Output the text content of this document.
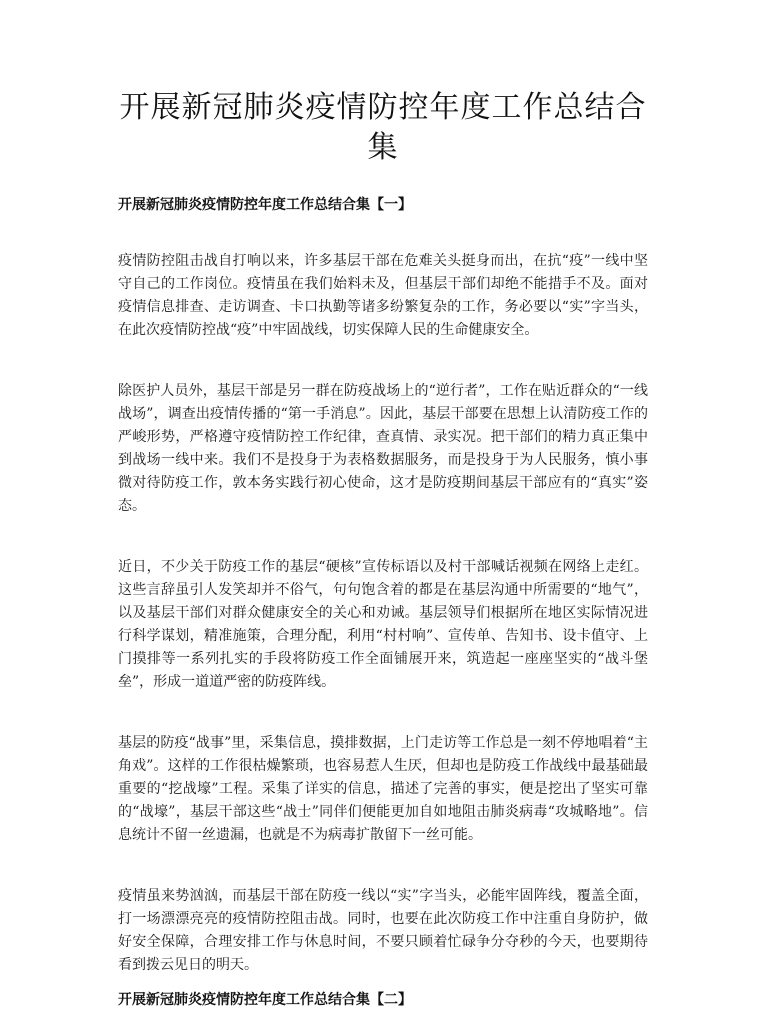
开展新冠肺炎疫情防控年度工作总结合集
开展新冠肺炎疫情防控年度工作总结合集【一】

疫情防控阻击战自打响以来，许多基层干部在危难关头挺身而出，在抗“疫”一线中坚守自己的工作岗位。疫情虽在我们始料未及，但基层干部们却绝不能措手不及。面对疫情信息排查、走访调查、卡口执勤等诸多纷繁复杂的工作，务必要以“实”字当头，在此次疫情防控战“疫”中牢固战线，切实保障人民的生命健康安全。

除医护人员外，基层干部是另一群在防疫战场上的“逆行者”，工作在贴近群众的“一线战场”，调查出疫情传播的“第一手消息”。因此，基层干部要在思想上认清防疫工作的严峻形势，严格遵守疫情防控工作纪律，查真情、录实况。把干部们的精力真正集中到战场一线中来。我们不是投身于为表格数据服务，而是投身于为人民服务，慎小事微对待防疫工作，敦本务实践行初心使命，这才是防疫期间基层干部应有的“真实”姿态。

近日，不少关于防疫工作的基层“硬核”宣传标语以及村干部喊话视频在网络上走红。这些言辞虽引人发笑却并不俗气，句句饱含着的都是在基层沟通中所需要的“地气”，以及基层干部们对群众健康安全的关心和劝诫。基层领导们根据所在地区实际情况进行科学谋划，精准施策，合理分配，利用“村村响”、宣传单、告知书、设卡值守、上门摸排等一系列扎实的手段将防疫工作全面铺展开来，筑造起一座座坚实的“战斗堡垒”，形成一道道严密的防疫阵线。

基层的防疫“战事”里，采集信息，摸排数据，上门走访等工作总是一刻不停地唱着“主角戏”。这样的工作很枯燥繁琐，也容易惹人生厌，但却也是防疫工作战线中最基础最重要的“挖战壕”工程。采集了详实的信息，描述了完善的事实，便是挖出了坚实可靠的“战壕”，基层干部这些“战士”同伴们便能更加自如地阻击肺炎病毒“攻城略地”。信息统计不留一丝遗漏，也就是不为病毒扩散留下一丝可能。

疫情虽来势汹汹，而基层干部在防疫一线以“实”字当头，必能牢固阵线，覆盖全面，打一场漂漂亮亮的疫情防控阻击战。同时，也要在此次防疫工作中注重自身防护，做好安全保障，合理安排工作与休息时间，不要只顾着忙碌争分夺秒的今天，也要期待看到拨云见日的明天。

开展新冠肺炎疫情防控年度工作总结合集【二】
